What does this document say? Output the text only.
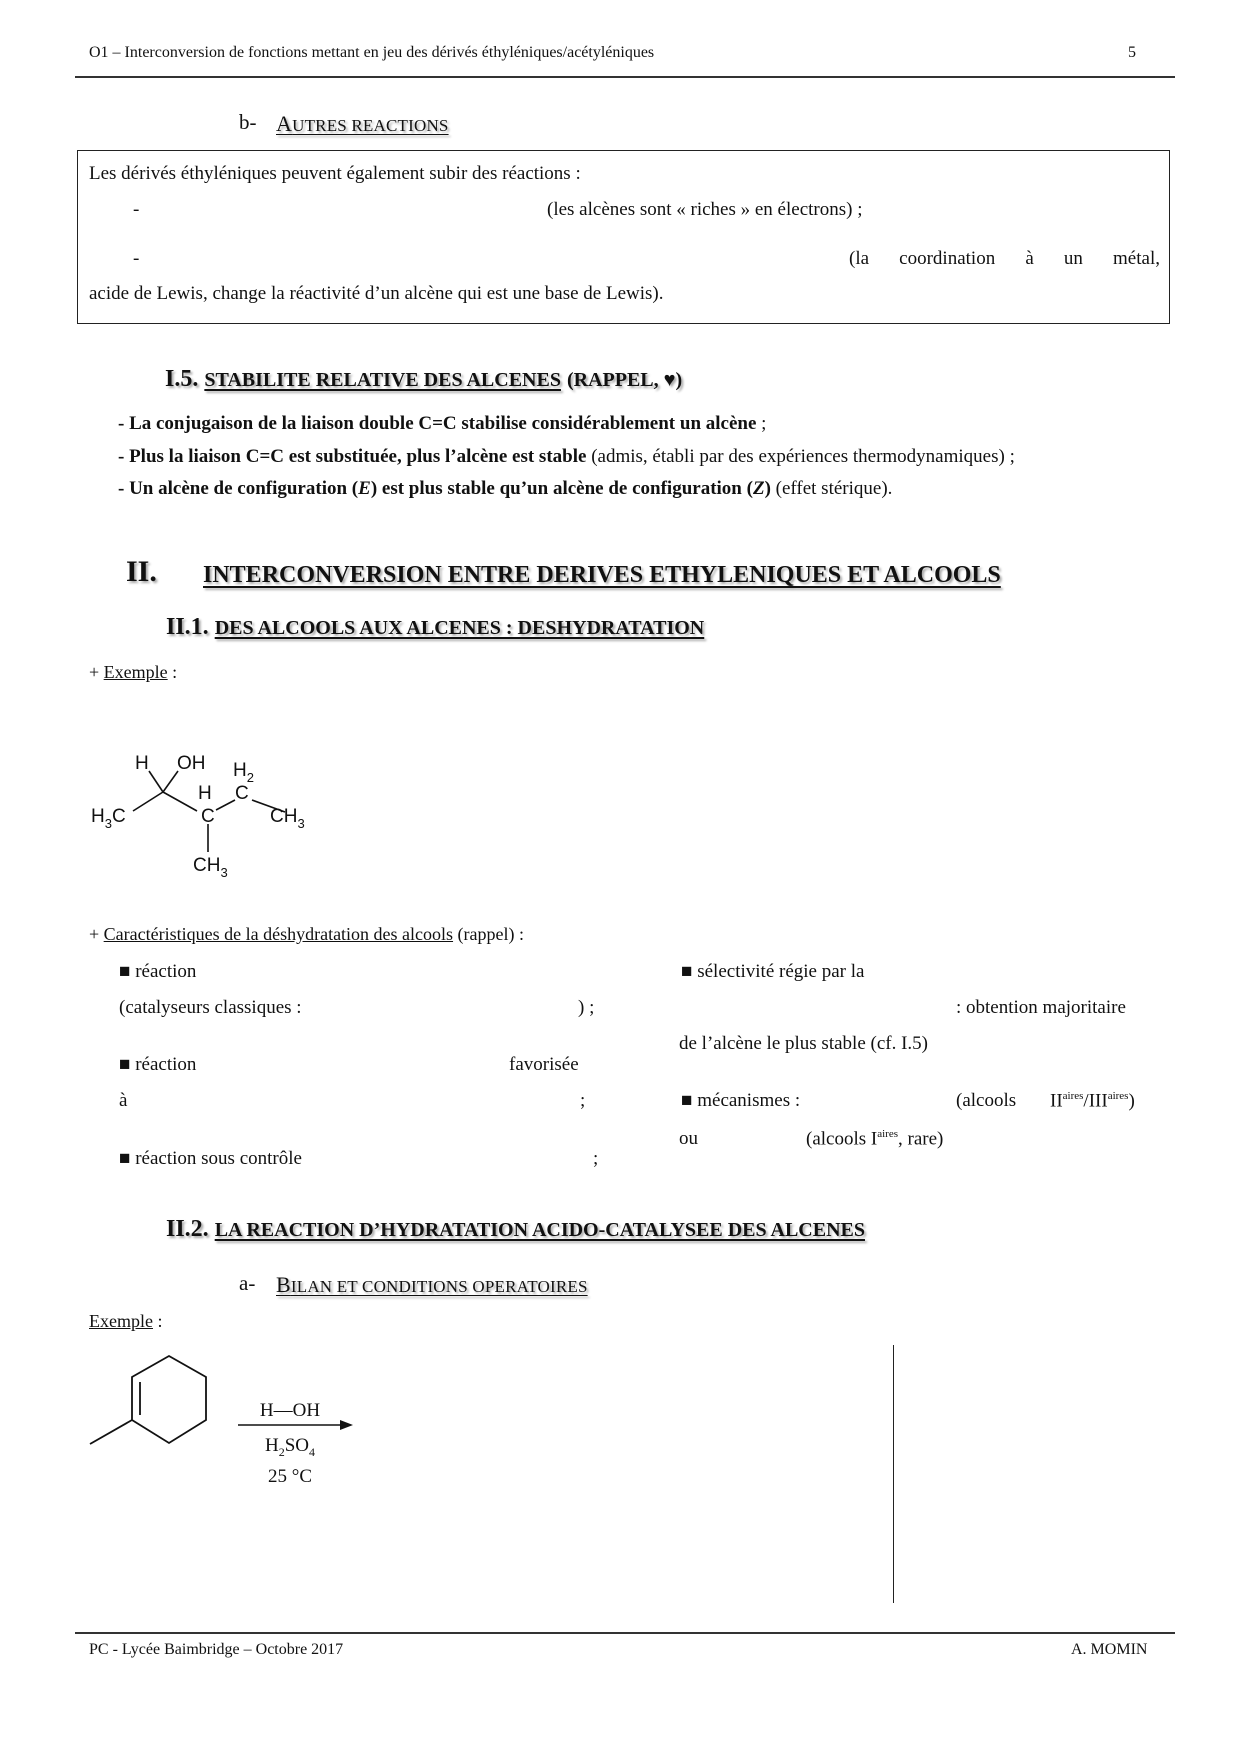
O1 – Interconversion de fonctions mettant en jeu des dérivés éthyléniques/acétyléniques	5
b- AUTRES REACTIONS
Les dérivés éthyléniques peuvent également subir des réactions :
-	(les alcènes sont « riches » en électrons) ;
-	(la coordination à un métal,
acide de Lewis, change la réactivité d’un alcène qui est une base de Lewis).
I.5. STABILITE RELATIVE DES ALCENES (RAPPEL, ♥)
- La conjugaison de la liaison double C=C stabilise considérablement un alcène ;
- Plus la liaison C=C est substituée, plus l’alcène est stable (admis, établi par des expériences thermodynamiques) ;
- Un alcène de configuration (E) est plus stable qu’un alcène de configuration (Z) (effet stérique).
II. INTERCONVERSION ENTRE DERIVES ETHYLENIQUES ET ALCOOLS
II.1. DES ALCOOLS AUX ALCENES : DESHYDRATATION
+ Exemple :
H OH $H_2$
H C
$H_3C$	C	$CH_3$
$CH_3$
+ Caractéristiques de la déshydratation des alcools (rappel) :
■ réaction
(catalyseurs classiques :	) ;
■ réaction	favorisée
à	;
■ réaction sous contrôle	;
■ sélectivité régie par la
: obtention majoritaire
de l’alcène le plus stable (cf. I.5)
■ mécanismes :	(alcools $II^{aires}/III^{aires}$)
ou	(alcools $I^{aires}$, rare)
II.2. LA REACTION D’HYDRATATION ACIDO-CATALYSEE DES ALCENES
a- BILAN ET CONDITIONS OPERATOIRES
Exemple :
H—OH
$H_2SO_4$
25 °C
PC - Lycée Baimbridge – Octobre 2017	A. MOMIN
